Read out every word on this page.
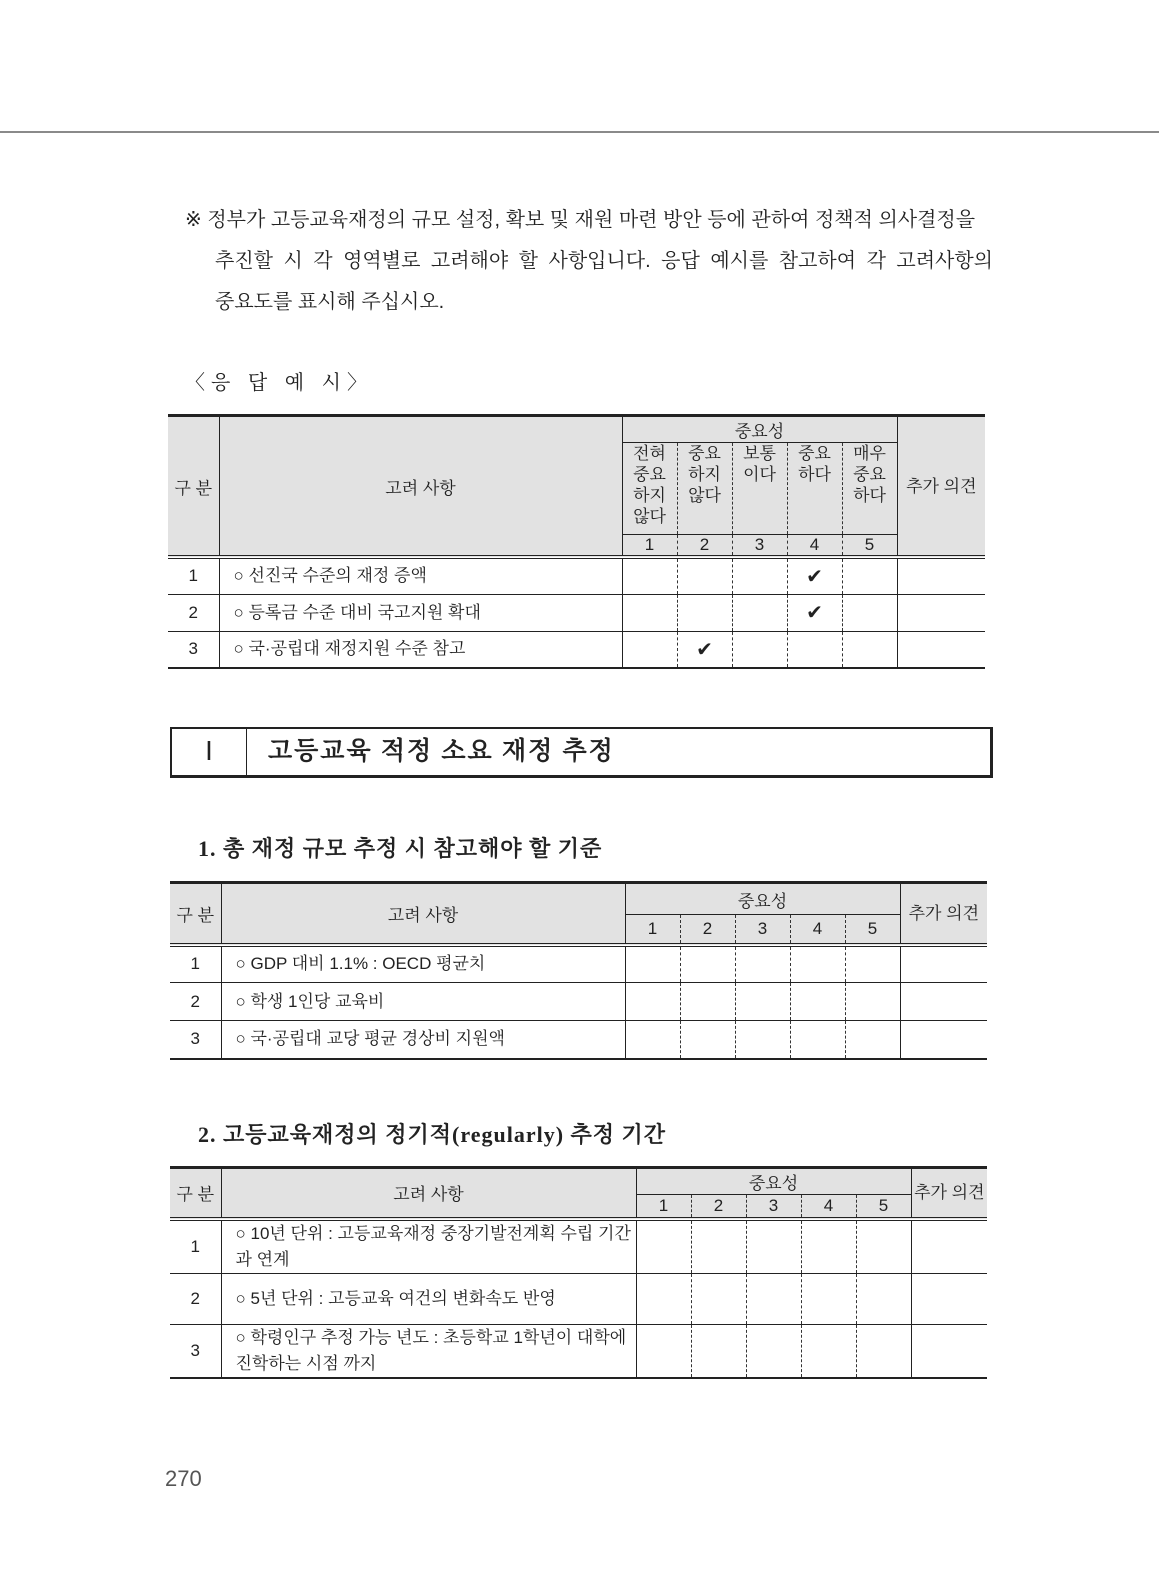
※ 정부가 고등교육재정의 규모 설정, 확보 및 재원 마련 방안 등에 관하여 정책적 의사결정을
추진할 시 각 영역별로 고려해야 할 사항입니다. 응답 예시를 참고하여 각 고려사항의
중요도를 표시해 주십시오.
〈응 답 예 시〉
구 분	고려 사항	중요성					추가 의견
		전혀 중요 하지 않다	중요 하지 않다	보통 이다	중요 하다	매우 중요 하다	
		1	2	3	4	5	
1	○ 선진국 수준의 재정 증액				✔		
2	○ 등록금 수준 대비 국고지원 확대				✔		
3	○ 국·공립대 재정지원 수준 참고		✔				
Ⅰ	고등교육 적정 소요 재정 추정
1. 총 재정 규모 추정 시 참고해야 할 기준
구 분	고려 사항	중요성					추가 의견
		1	2	3	4	5	
1	○ GDP 대비 1.1% : OECD 평균치						
2	○ 학생 1인당 교육비						
3	○ 국·공립대 교당 평균 경상비 지원액						
2. 고등교육재정의 정기적(regularly) 추정 기간
구 분	고려 사항	중요성					추가 의견
		1	2	3	4	5	
1	○ 10년 단위 : 고등교육재정 중장기발전계획 수립 기간과 연계						
2	○ 5년 단위 : 고등교육 여건의 변화속도 반영						
3	○ 학령인구 추정 가능 년도 : 초등학교 1학년이 대학에 진학하는 시점 까지						
270
